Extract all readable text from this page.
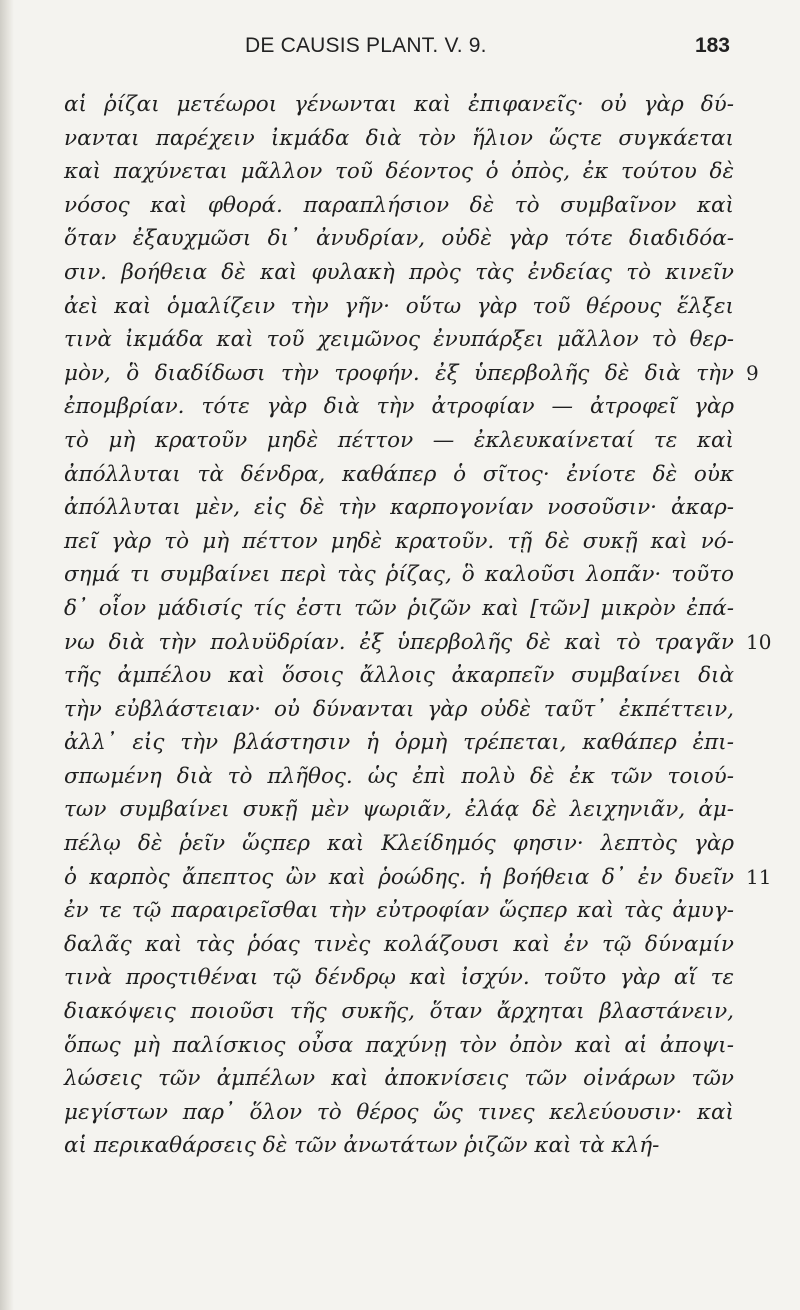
DE CAUSIS PLANT. V. 9.	183
αἱ ῥίζαι μετέωροι γένωνται καὶ ἐπιφανεῖς· οὐ γὰρ δύ-
νανται παρέχειν ἰκμάδα διὰ τὸν ἥλιον ὥςτε συγκάεται
καὶ παχύνεται μᾶλλον τοῦ δέοντος ὁ ὀπὸς, ἐκ τούτου δὲ
νόσος καὶ φθορά. παραπλήσιον δὲ τὸ συμβαῖνον καὶ
ὅταν ἐξαυχμῶσι δι᾽ ἀνυδρίαν, οὐδὲ γὰρ τότε διαδιδόα-
σιν. βοήθεια δὲ καὶ φυλακὴ πρὸς τὰς ἐνδείας τὸ κινεῖν
ἀεὶ καὶ ὁμαλίζειν τὴν γῆν· οὕτω γὰρ τοῦ θέρους ἕλξει
τινὰ ἰκμάδα καὶ τοῦ χειμῶνος ἐνυπάρξει μᾶλλον τὸ θερ-
μὸν, ὃ διαδίδωσι τὴν τροφήν. ἐξ ὑπερβολῆς δὲ διὰ τὴν 9
ἐπομβρίαν. τότε γὰρ διὰ τὴν ἀτροφίαν — ἀτροφεῖ γὰρ
τὸ μὴ κρατοῦν μηδὲ πέττον — ἐκλευκαίνεταί τε καὶ
ἀπόλλυται τὰ δένδρα, καθάπερ ὁ σῖτος· ἐνίοτε δὲ οὐκ
ἀπόλλυται μὲν, εἰς δὲ τὴν καρπογονίαν νοσοῦσιν· ἀκαρ-
πεῖ γὰρ τὸ μὴ πέττον μηδὲ κρατοῦν. τῇ δὲ συκῇ καὶ νό-
σημά τι συμβαίνει περὶ τὰς ῥίζας, ὃ καλοῦσι λοπᾶν· τοῦτο
δ᾽ οἷον μάδισίς τίς ἐστι τῶν ῥιζῶν καὶ [τῶν] μικρὸν ἐπά-
νω διὰ τὴν πολυϋδρίαν. ἐξ ὑπερβολῆς δὲ καὶ τὸ τραγᾶν 10
τῆς ἀμπέλου καὶ ὅσοις ἄλλοις ἀκαρπεῖν συμβαίνει διὰ
τὴν εὐβλάστειαν· οὐ δύνανται γὰρ οὐδὲ ταῦτ᾽ ἐκπέττειν,
ἀλλ᾽ εἰς τὴν βλάστησιν ἡ ὁρμὴ τρέπεται, καθάπερ ἐπι-
σπωμένη διὰ τὸ πλῆθος. ὡς ἐπὶ πολὺ δὲ ἐκ τῶν τοιού-
των συμβαίνει συκῇ μὲν ψωριᾶν, ἐλάᾳ δὲ λειχηνιᾶν, ἀμ-
πέλῳ δὲ ῥεῖν ὥςπερ καὶ Κλείδημός φησιν· λεπτὸς γὰρ
ὁ καρπὸς ἄπεπτος ὢν καὶ ῥοώδης. ἡ βοήθεια δ᾽ ἐν δυεῖν 11
ἐν τε τῷ παραιρεῖσθαι τὴν εὐτροφίαν ὥςπερ καὶ τὰς ἀμυγ-
δαλᾶς καὶ τὰς ῥόας τινὲς κολάζουσι καὶ ἐν τῷ δύναμίν
τινὰ προςτιθέναι τῷ δένδρῳ καὶ ἰσχύν. τοῦτο γὰρ αἵ τε
διακόψεις ποιοῦσι τῆς συκῆς, ὅταν ἄρχηται βλαστάνειν,
ὅπως μὴ παλίσκιος οὖσα παχύνῃ τὸν ὀπὸν καὶ αἱ ἀποψι-
λώσεις τῶν ἀμπέλων καὶ ἀποκνίσεις τῶν οἰνάρων τῶν
μεγίστων παρ᾽ ὅλον τὸ θέρος ὥς τινες κελεύουσιν· καὶ
αἱ περικαθάρσεις δὲ τῶν ἀνωτάτων ῥιζῶν καὶ τὰ κλή-
